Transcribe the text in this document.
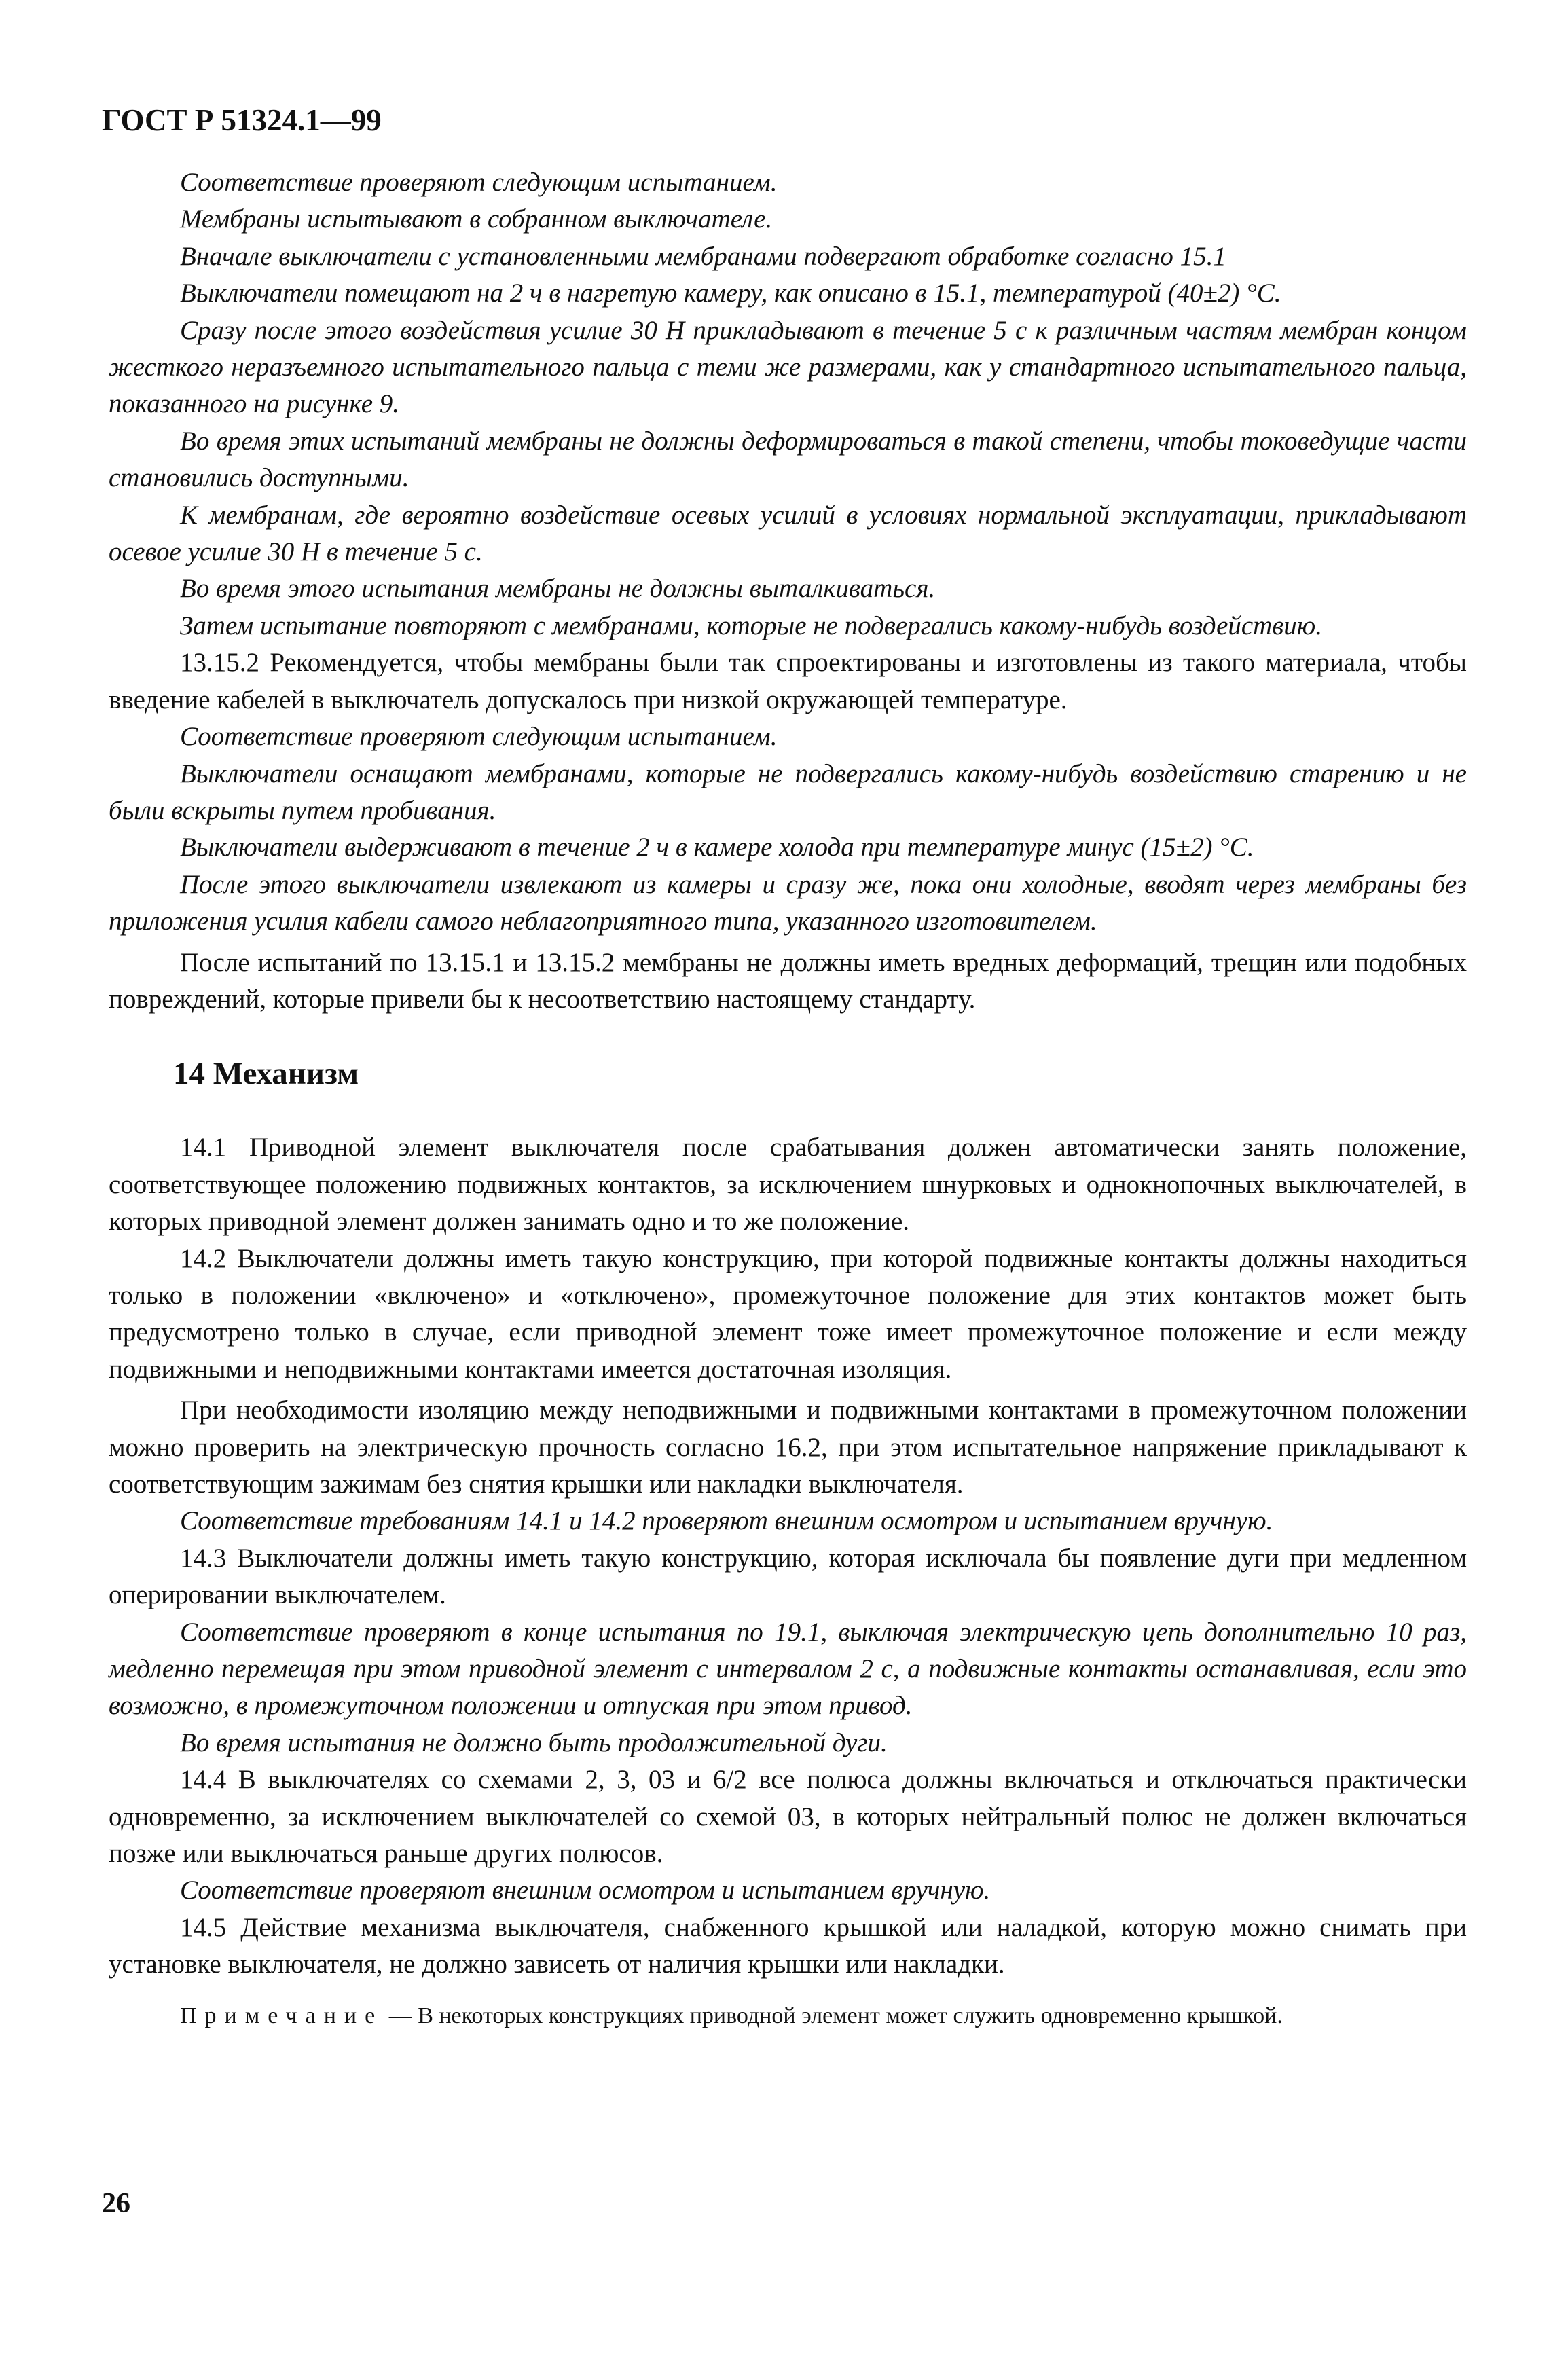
ГОСТ Р 51324.1—99

Соответствие проверяют следующим испытанием.

Мембраны испытывают в собранном выключателе.

Вначале выключатели с установленными мембранами подвергают обработке согласно 15.1

Выключатели помещают на 2 ч в нагретую камеру, как описано в 15.1, температурой (40±2) °С.

Сразу после этого воздействия усилие 30 Н прикладывают в течение 5 с к различным частям мембран концом жесткого неразъемного испытательного пальца с теми же размерами, как у стандартного испытательного пальца, показанного на рисунке 9.

Во время этих испытаний мембраны не должны деформироваться в такой степени, чтобы токоведущие части становились доступными.

К мембранам, где вероятно воздействие осевых усилий в условиях нормальной эксплуатации, прикладывают осевое усилие 30 Н в течение 5 с.

Во время этого испытания мембраны не должны выталкиваться.

Затем испытание повторяют с мембранами, которые не подвергались какому-нибудь воздействию.

13.15.2 Рекомендуется, чтобы мембраны были так спроектированы и изготовлены из такого материала, чтобы введение кабелей в выключатель допускалось при низкой окружающей температуре.

Соответствие проверяют следующим испытанием.

Выключатели оснащают мембранами, которые не подвергались какому-нибудь воздействию старению и не были вскрыты путем пробивания.

Выключатели выдерживают в течение 2 ч в камере холода при температуре минус (15±2) °С.

После этого выключатели извлекают из камеры и сразу же, пока они холодные, вводят через мембраны без приложения усилия кабели самого неблагоприятного типа, указанного изготовителем.

После испытаний по 13.15.1 и 13.15.2 мембраны не должны иметь вредных деформаций, трещин или подобных повреждений, которые привели бы к несоответствию настоящему стандарту.

14 Механизм

14.1 Приводной элемент выключателя после срабатывания должен автоматически занять положение, соответствующее положению подвижных контактов, за исключением шнурковых и однокнопочных выключателей, в которых приводной элемент должен занимать одно и то же положение.

14.2 Выключатели должны иметь такую конструкцию, при которой подвижные контакты должны находиться только в положении «включено» и «отключено», промежуточное положение для этих контактов может быть предусмотрено только в случае, если приводной элемент тоже имеет промежуточное положение и если между подвижными и неподвижными контактами имеется достаточная изоляция.

При необходимости изоляцию между неподвижными и подвижными контактами в промежуточном положении можно проверить на электрическую прочность согласно 16.2, при этом испытательное напряжение прикладывают к соответствующим зажимам без снятия крышки или накладки выключателя.

Соответствие требованиям 14.1 и 14.2 проверяют внешним осмотром и испытанием вручную.

14.3 Выключатели должны иметь такую конструкцию, которая исключала бы появление дуги при медленном оперировании выключателем.

Соответствие проверяют в конце испытания по 19.1, выключая электрическую цепь дополнительно 10 раз, медленно перемещая при этом приводной элемент с интервалом 2 с, а подвижные контакты останавливая, если это возможно, в промежуточном положении и отпуская при этом привод.

Во время испытания не должно быть продолжительной дуги.

14.4 В выключателях со схемами 2, 3, 03 и 6/2 все полюса должны включаться и отключаться практически одновременно, за исключением выключателей со схемой 03, в которых нейтральный полюс не должен включаться позже или выключаться раньше других полюсов.

Соответствие проверяют внешним осмотром и испытанием вручную.

14.5 Действие механизма выключателя, снабженного крышкой или наладкой, которую можно снимать при установке выключателя, не должно зависеть от наличия крышки или накладки.

Примечание — В некоторых конструкциях приводной элемент может служить одновременно крышкой.

26
